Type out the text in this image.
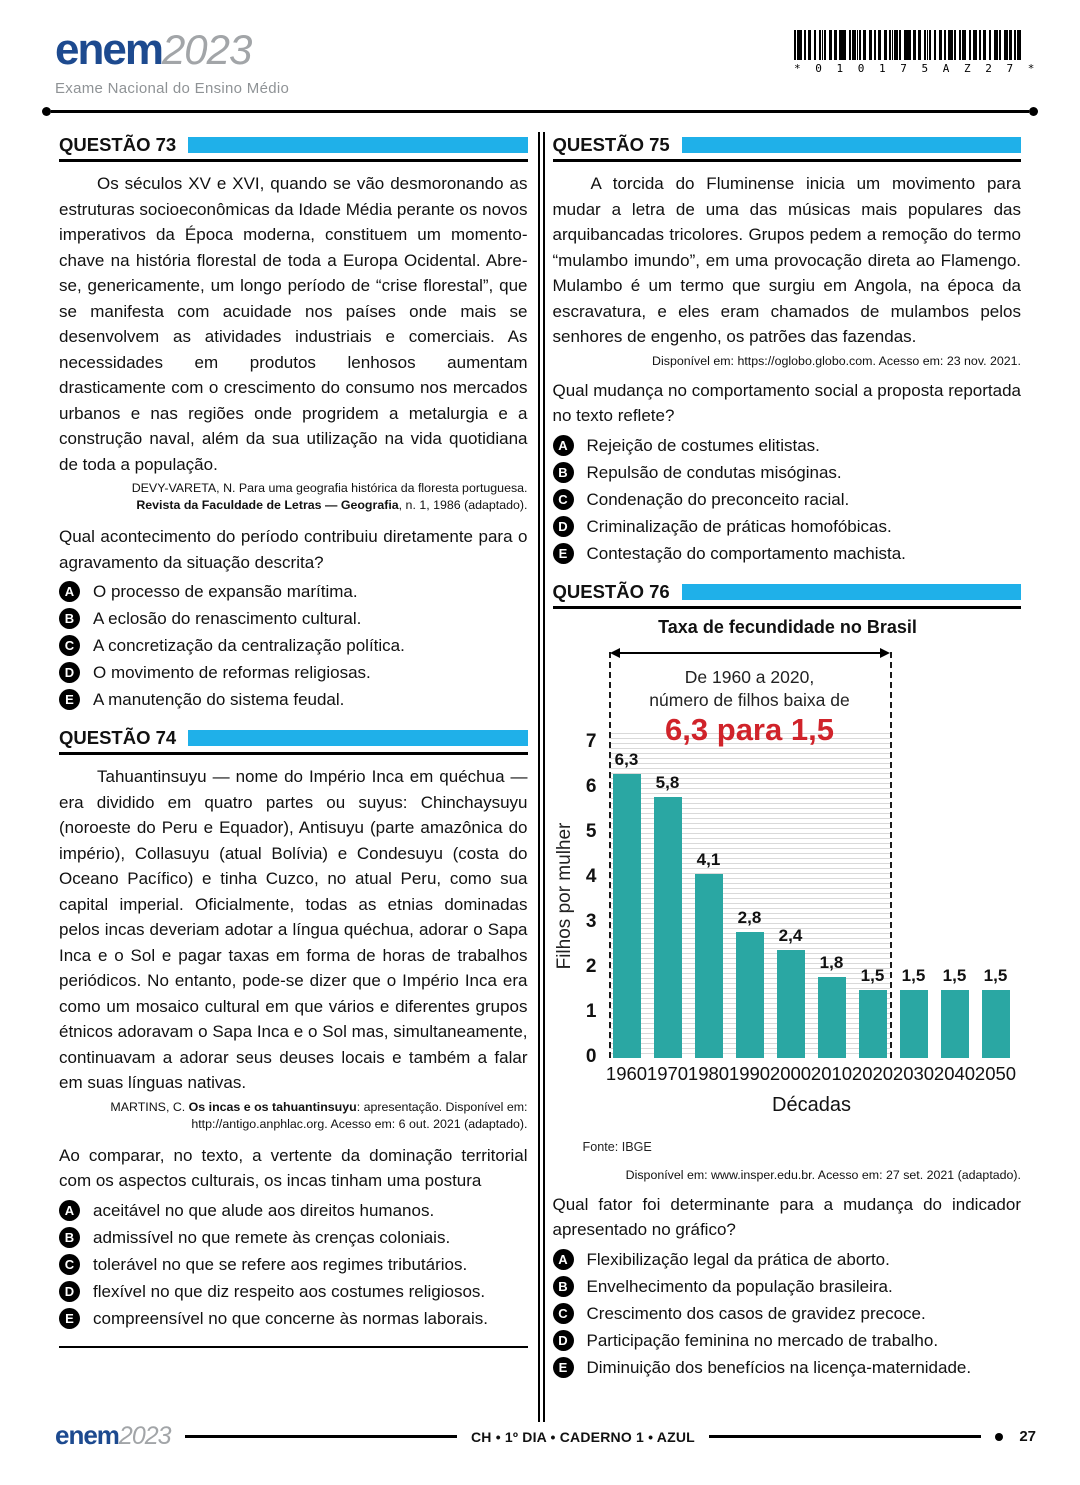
enem2023
Exame Nacional do Ensino Médio
* 0 1 0 1 7 5 A Z 2 7 *
QUESTÃO 73

Os séculos XV e XVI, quando se vão desmoronando as estruturas socioeconômicas da Idade Média perante os novos imperativos da Época moderna, constituem um momento-chave na história florestal de toda a Europa Ocidental. Abre-se, genericamente, um longo período de “crise florestal”, que se manifesta com acuidade nos países onde mais se desenvolvem as atividades industriais e comerciais. As necessidades em produtos lenhosos aumentam drasticamente com o crescimento do consumo nos mercados urbanos e nas regiões onde progridem a metalurgia e a construção naval, além da sua utilização na vida quotidiana de toda a população.

DEVY-VARETA, N. Para uma geografia histórica da floresta portuguesa.
Revista da Faculdade de Letras — Geografia, n. 1, 1986 (adaptado).

Qual acontecimento do período contribuiu diretamente para o agravamento da situação descrita?

A	O processo de expansão marítima.
B	A eclosão do renascimento cultural.
C	A concretização da centralização política.
D	O movimento de reformas religiosas.
E	A manutenção do sistema feudal.
QUESTÃO 74

Tahuantinsuyu — nome do Império Inca em quéchua — era dividido em quatro partes ou suyus: Chinchaysuyu (noroeste do Peru e Equador), Antisuyu (parte amazônica do império), Collasuyu (atual Bolívia) e Condesuyu (costa do Oceano Pacífico) e tinha Cuzco, no atual Peru, como sua capital imperial. Oficialmente, todas as etnias dominadas pelos incas deveriam adotar a língua quéchua, adorar o Sapa Inca e o Sol e pagar taxas em forma de horas de trabalhos periódicos. No entanto, pode-se dizer que o Império Inca era como um mosaico cultural em que vários e diferentes grupos étnicos adoravam o Sapa Inca e o Sol mas, simultaneamente, continuavam a adorar seus deuses locais e também a falar em suas línguas nativas.

MARTINS, C. Os incas e os tahuantinsuyu: apresentação. Disponível em:
http://antigo.anphlac.org. Acesso em: 6 out. 2021 (adaptado).

Ao comparar, no texto, a vertente da dominação territorial com os aspectos culturais, os incas tinham uma postura

A	aceitável no que alude aos direitos humanos.
B	admissível no que remete às crenças coloniais.
C	tolerável no que se refere aos regimes tributários.
D	flexível no que diz respeito aos costumes religiosos.
E	compreensível no que concerne às normas laborais.
QUESTÃO 75

A torcida do Fluminense inicia um movimento para mudar a letra de uma das músicas mais populares das arquibancadas tricolores. Grupos pedem a remoção do termo “mulambo imundo”, em uma provocação direta ao Flamengo. Mulambo é um termo que surgiu em Angola, na época da escravatura, e eles eram chamados de mulambos pelos senhores de engenho, os patrões das fazendas.

Disponível em: https://oglobo.globo.com. Acesso em: 23 nov. 2021.

Qual mudança no comportamento social a proposta reportada no texto reflete?

A	Rejeição de costumes elitistas.
B	Repulsão de condutas misóginas.
C	Condenação do preconceito racial.
D	Criminalização de práticas homofóbicas.
E	Contestação do comportamento machista.
QUESTÃO 76
Taxa de fecundidade no Brasil
De 1960 a 2020,
número de filhos baixa de
6,3 para 1,5
Filhos por mulher
Décadas
0
1
2
3
4
5
6
7
6,3
1960
5,8
1970
4,1
1980
2,8
1990
2,4
2000
1,8
2010
1,5
2020
1,5
2030
1,5
2040
1,5
2050
Fonte: IBGE
Disponível em: www.insper.edu.br. Acesso em: 27 set. 2021 (adaptado).

Qual fator foi determinante para a mudança do indicador apresentado no gráfico?

A	Flexibilização legal da prática de aborto.
B	Envelhecimento da população brasileira.
C	Crescimento dos casos de gravidez precoce.
D	Participação feminina no mercado de trabalho.
E	Diminuição dos benefícios na licença-maternidade.
enem2023	CH • 1º DIA • CADERNO 1 • AZUL	27
